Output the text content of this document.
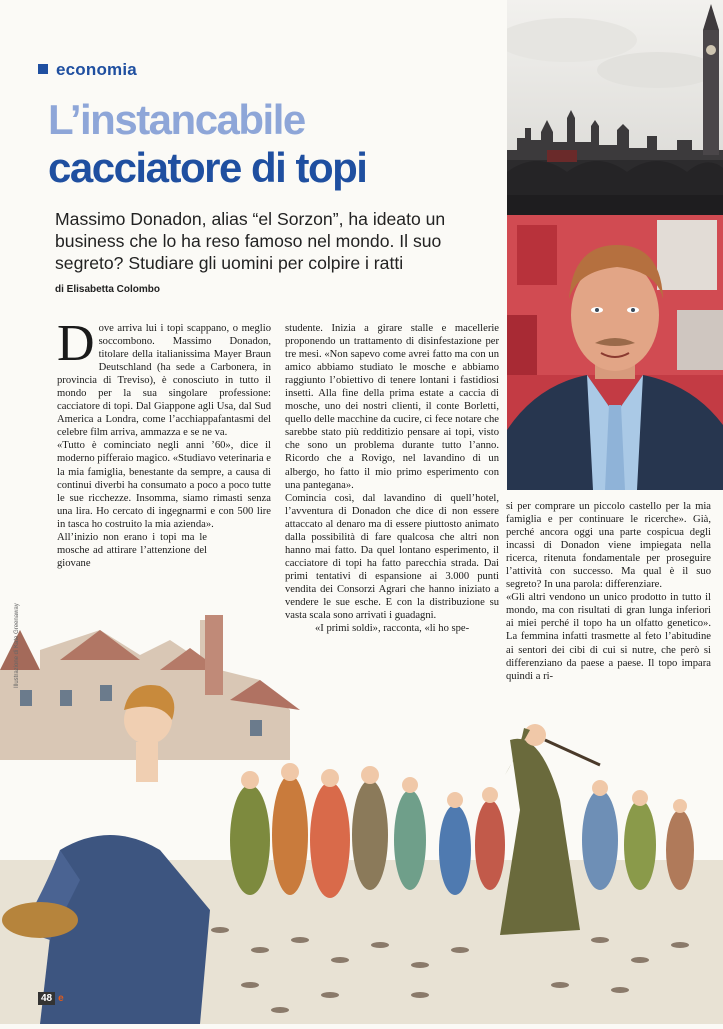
economia
L’instancabile
cacciatore di topi
Massimo Donadon, alias “el Sorzon”, ha ideato un business che lo ha reso famoso nel mondo. Il suo segreto? Studiare gli uomini per colpire i ratti
di Elisabetta Colombo
Illustrazione di Kate Greenaway

Dove arriva lui i topi scappano, o meglio soccombono. Massimo Donadon, titolare della italianissima Mayer Braun Deutschland (ha sede a Carbonera, in provincia di Treviso), è conosciuto in tutto il mondo per la sua singolare professione: cacciatore di topi. Dal Giappone agli Usa, dal Sud America a Londra, come l’acchiappafantasmi del celebre film arriva, ammazza e se ne va.

«Tutto è cominciato negli anni ’60», dice il moderno pifferaio magico. «Studiavo veterinaria e la mia famiglia, benestante da sempre, a causa di continui diverbi ha consumato a poco a poco tutte le sue ricchezze. Insomma, siamo rimasti senza una lira. Ho cercato di ingegnarmi e con 500 lire in tasca ho costruito la mia azienda».

All’inizio non erano i topi ma le mosche ad attirare l’attenzione del giovane

studente. Inizia a girare stalle e macellerie proponendo un trattamento di disinfestazione per tre mesi. «Non sapevo come avrei fatto ma con un amico abbiamo studiato le mosche e abbiamo raggiunto l’obiettivo di tenere lontani i fastidiosi insetti. Alla fine della prima estate a caccia di mosche, uno dei nostri clienti, il conte Borletti, quello delle macchine da cucire, ci fece notare che sarebbe stato più redditizio pensare ai topi, visto che sono un problema durante tutto l’anno. Ricordo che a Rovigo, nel lavandino di un albergo, ho fatto il mio primo esperimento con una pantegana».

Comincia così, dal lavandino di quell’hotel, l’avventura di Donadon che dice di non essere attaccato al denaro ma di essere piuttosto animato dalla possibilità di fare qualcosa che altri non hanno mai fatto. Da quel lontano esperimento, il cacciatore di topi ha fatto parecchia strada. Dai primi tentativi di espansione ai 3.000 punti vendita dei Consorzi Agrari che hanno iniziato a vendere le sue esche. E con la distribuzione su vasta scala sono arrivati i guadagni.

«I primi soldi», racconta, «li ho spe-

si per comprare un piccolo castello per la mia famiglia e per continuare le ricerche». Già, perché ancora oggi una parte cospicua degli incassi di Donadon viene impiegata nella ricerca, ritenuta fondamentale per proseguire l’attività con successo. Ma qual è il suo segreto? In una parola: differenziare.

«Gli altri vendono un unico prodotto in tutto il mondo, ma con risultati di gran lunga inferiori ai miei perché il topo ha un olfatto genetico». La femmina infatti trasmette al feto l’abitudine ai sentori dei cibi di cui si nutre, che però si differenziano da paese a paese. Il topo impara quindi a ri-

48 e
